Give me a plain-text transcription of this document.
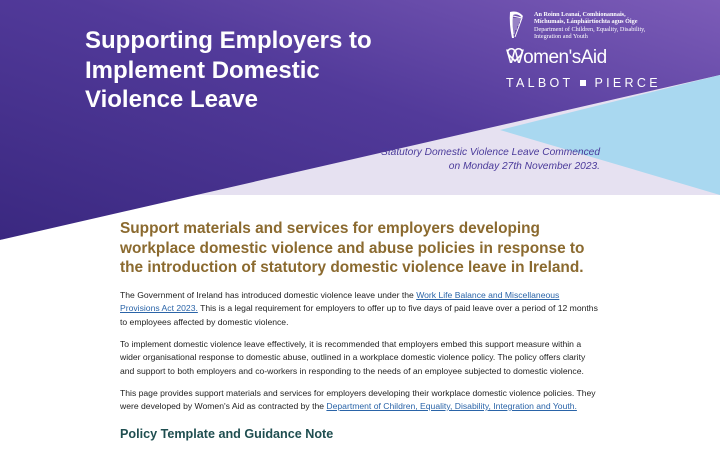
Supporting Employers to Implement Domestic Violence Leave
An Roinn Leanaí, Comhionannais, Míchumais, Lánpháirtíochta agus Óige
Department of Children, Equality, Disability, Integration and Youth
Women's
Aid
TALBOT PIERCE
Statutory Domestic Violence Leave Commenced
on Monday 27th November 2023.

Support materials and services for employers developing workplace domestic violence and abuse policies in response to the introduction of statutory domestic violence leave in Ireland.

The Government of Ireland has introduced domestic violence leave under the Work Life Balance and Miscellaneous Provisions Act 2023. This is a legal requirement for employers to offer up to five days of paid leave over a period of 12 months to employees affected by domestic violence.

To implement domestic violence leave effectively, it is recommended that employers embed this support measure within a wider organisational response to domestic abuse, outlined in a workplace domestic violence policy. The policy offers clarity and support to both employers and co-workers in responding to the needs of an employee subjected to domestic violence.

This page provides support materials and services for employers developing their workplace domestic violence policies. They were developed by Women's Aid as contracted by the Department of Children, Equality, Disability, Integration and Youth.

Policy Template and Guidance Note
